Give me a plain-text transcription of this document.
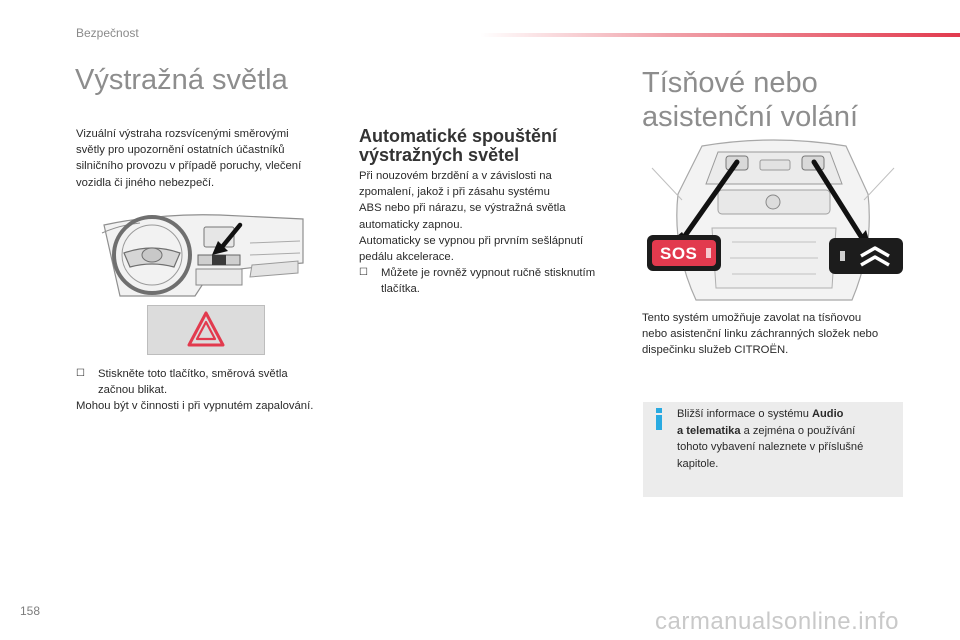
Bezpečnost
Výstražná světla
Vizuální výstraha rozsvícenými směrovými
světly pro upozornění ostatních účastníků
silničního provozu v případě poruchy, vlečení
vozidla či jiného nebezpečí.
☐	Stiskněte toto tlačítko, směrová světla
začnou blikat.
Mohou být v činnosti i při vypnutém zapalování.
Automatické spouštění
výstražných světel
Při nouzovém brzdění a v závislosti na
zpomalení, jakož i při zásahu systému
ABS nebo při nárazu, se výstražná světla
automaticky zapnou.
Automaticky se vypnou při prvním sešlápnutí
pedálu akcelerace.
☐	Můžete je rovněž vypnout ručně stisknutím
tlačítka.
Tísňové nebo
asistenční volání
SOS
Tento systém umožňuje zavolat na tísňovou
nebo asistenční linku záchranných složek nebo
dispečinku služeb CITROËN.
Bližší informace o systému Audio
a telematika a zejména o používání
tohoto vybavení naleznete v příslušné
kapitole.
158	carmanualsonline.info
